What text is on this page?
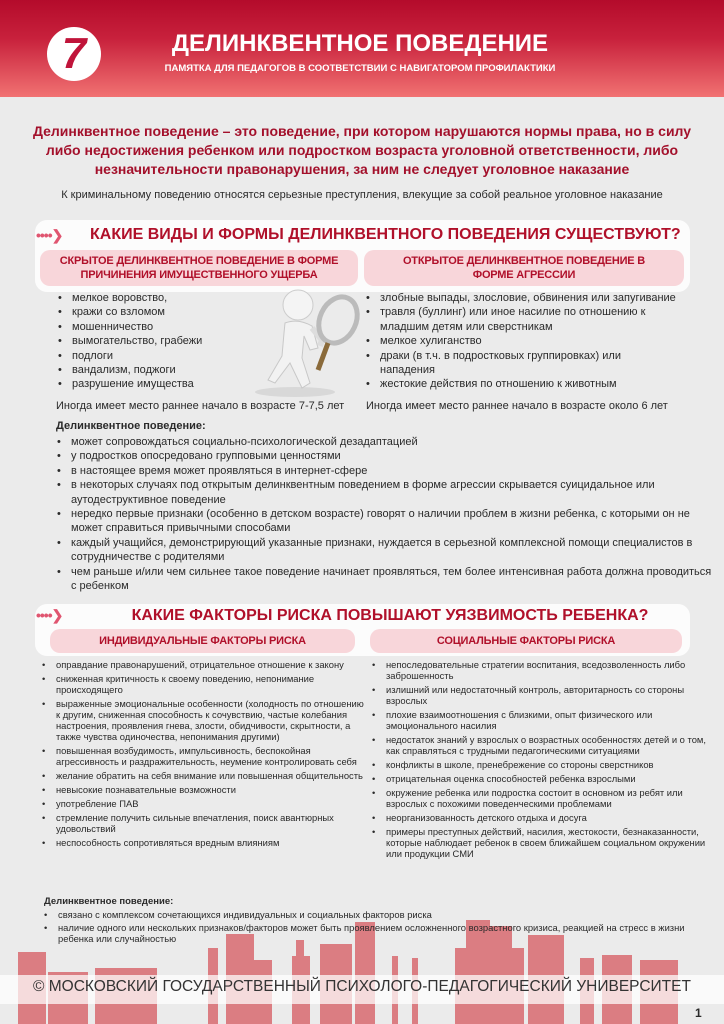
7	ДЕЛИНКВЕНТНОЕ ПОВЕДЕНИЕ
ПАМЯТКА ДЛЯ ПЕДАГОГОВ В СООТВЕТСТВИИ С НАВИГАТОРОМ ПРОФИЛАКТИКИ
Делинквентное поведение – это поведение, при котором нарушаются нормы права, но в силу либо недостижения ребенком или подростком возраста уголовной ответственности, либо незначительности правонарушения, за ним не следует уголовное наказание
К криминальному поведению относятся серьезные преступления, влекущие за собой реальное уголовное наказание
••••❯ КАКИЕ ВИДЫ И ФОРМЫ ДЕЛИНКВЕНТНОГО ПОВЕДЕНИЯ СУЩЕСТВУЮТ?
СКРЫТОЕ ДЕЛИНКВЕНТНОЕ ПОВЕДЕНИЕ В ФОРМЕ ПРИЧИНЕНИЯ ИМУЩЕСТВЕННОГО УЩЕРБА
ОТКРЫТОЕ ДЕЛИНКВЕНТНОЕ ПОВЕДЕНИЕ В ФОРМЕ АГРЕССИИ
• мелкое воровство,
• кражи со взломом
• мошенничество
• вымогательство, грабежи
• подлоги
• вандализм, поджоги
• разрушение имущества
• злобные выпады, злословие, обвинения или запугивание
• травля (буллинг) или иное насилие по отношению к младшим детям или сверстникам
• мелкое хулиганство
• драки (в т.ч. в подростковых группировках) или нападения
• жестокие действия по отношению к животным
Иногда имеет место раннее начало в возрасте 7-7,5 лет Иногда имеет место раннее начало в возрасте около 6 лет
Делинквентное поведение:
• может сопровождаться социально-психологической дезадаптацией
• у подростков опосредовано групповыми ценностями
• в настоящее время может проявляться в интернет-сфере
• в некоторых случаях под открытым делинквентным поведением в форме агрессии скрывается суицидальное или аутодеструктивное поведение
• нередко первые признаки (особенно в детском возрасте) говорят о наличии проблем в жизни ребенка, с которыми он не может справиться привычными способами
• каждый учащийся, демонстрирующий указанные признаки, нуждается в серьезной комплексной помощи специалистов в сотрудничестве с родителями
• чем раньше и/или чем сильнее такое поведение начинает проявляться, тем более интенсивная работа должна проводиться с ребенком
••••❯	КАКИЕ ФАКТОРЫ РИСКА ПОВЫШАЮТ УЯЗВИМОСТЬ РЕБЕНКА?
ИНДИВИДУАЛЬНЫЕ ФАКТОРЫ РИСКА	СОЦИАЛЬНЫЕ ФАКТОРЫ РИСКА
• оправдание правонарушений, отрицательное отношение к закону
• сниженная критичность к своему поведению, непонимание происходящего
• выраженные эмоциональные особенности (холодность по отношению к другим, сниженная способность к сочувствию, частые колебания настроения, проявления гнева, злости, обидчивости, скрытности, а также чувства одиночества, непонимания другими)
• повышенная возбудимость, импульсивность, беспокойная агрессивность и раздражительность, неумение контролировать себя
• желание обратить на себя внимание или повышенная общительность
• невысокие познавательные возможности
• употребление ПАВ
• стремление получить сильные впечатления, поиск авантюрных удовольствий
• неспособность сопротивляться вредным влияниям
• непоследовательные стратегии воспитания, вседозволенность либо заброшенность
• излишний или недостаточный контроль, авторитарность со стороны взрослых
• плохие взаимоотношения с близкими, опыт физического или эмоционального насилия
• недостаток знаний у взрослых о возрастных особенностях детей и о том, как справляться с трудными педагогическими ситуациями
• конфликты в школе, пренебрежение со стороны сверстников
• отрицательная оценка способностей ребенка взрослыми
• окружение ребенка или подростка состоит в основном из ребят или взрослых с похожими поведенческими проблемами
• неорганизованность детского отдыха и досуга
• примеры преступных действий, насилия, жестокости, безнаказанности, которые наблюдает ребенок в своем ближайшем социальном окружении или продукции СМИ
Делинквентное поведение:
• связано с комплексом сочетающихся индивидуальных и социальных факторов риска
• наличие одного или нескольких признаков/факторов может быть проявлением осложненного возрастного кризиса, реакцией на стресс в жизни ребенка или случайностью
© МОСКОВСКИЙ ГОСУДАРСТВЕННЫЙ ПСИХОЛОГО-ПЕДАГОГИЧЕСКИЙ УНИВЕРСИТЕТ
1
